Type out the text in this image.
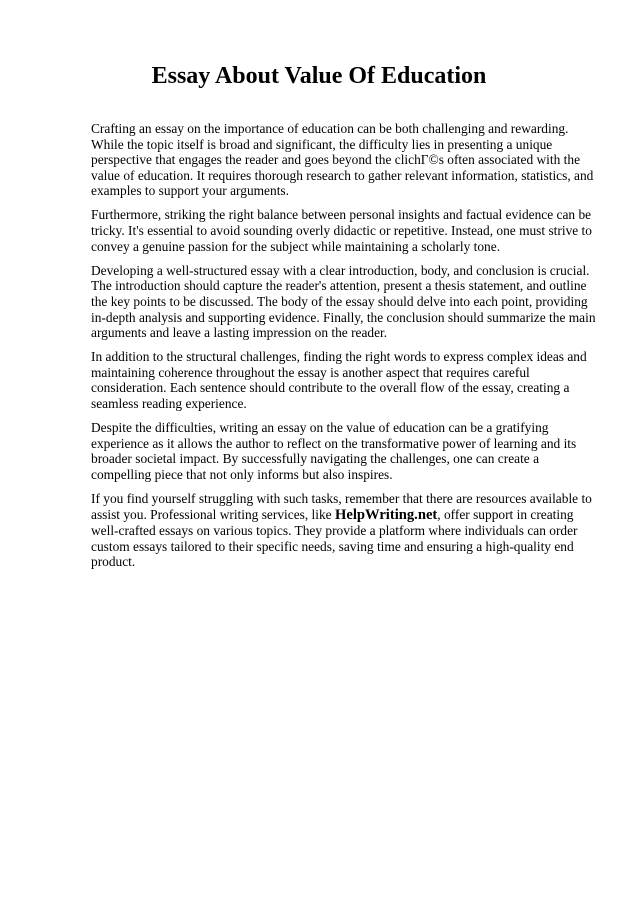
Essay About Value Of Education

Crafting an essay on the importance of education can be both challenging and rewarding. While the topic itself is broad and significant, the difficulty lies in presenting a unique perspective that engages the reader and goes beyond the clichГ©s often associated with the value of education. It requires thorough research to gather relevant information, statistics, and examples to support your arguments.

Furthermore, striking the right balance between personal insights and factual evidence can be tricky. It's essential to avoid sounding overly didactic or repetitive. Instead, one must strive to convey a genuine passion for the subject while maintaining a scholarly tone.

Developing a well-structured essay with a clear introduction, body, and conclusion is crucial. The introduction should capture the reader's attention, present a thesis statement, and outline the key points to be discussed. The body of the essay should delve into each point, providing in-depth analysis and supporting evidence. Finally, the conclusion should summarize the main arguments and leave a lasting impression on the reader.

In addition to the structural challenges, finding the right words to express complex ideas and maintaining coherence throughout the essay is another aspect that requires careful consideration. Each sentence should contribute to the overall flow of the essay, creating a seamless reading experience.

Despite the difficulties, writing an essay on the value of education can be a gratifying experience as it allows the author to reflect on the transformative power of learning and its broader societal impact. By successfully navigating the challenges, one can create a compelling piece that not only informs but also inspires.

If you find yourself struggling with such tasks, remember that there are resources available to assist you. Professional writing services, like HelpWriting.net, offer support in creating well-crafted essays on various topics. They provide a platform where individuals can order custom essays tailored to their specific needs, saving time and ensuring a high-quality end product.
